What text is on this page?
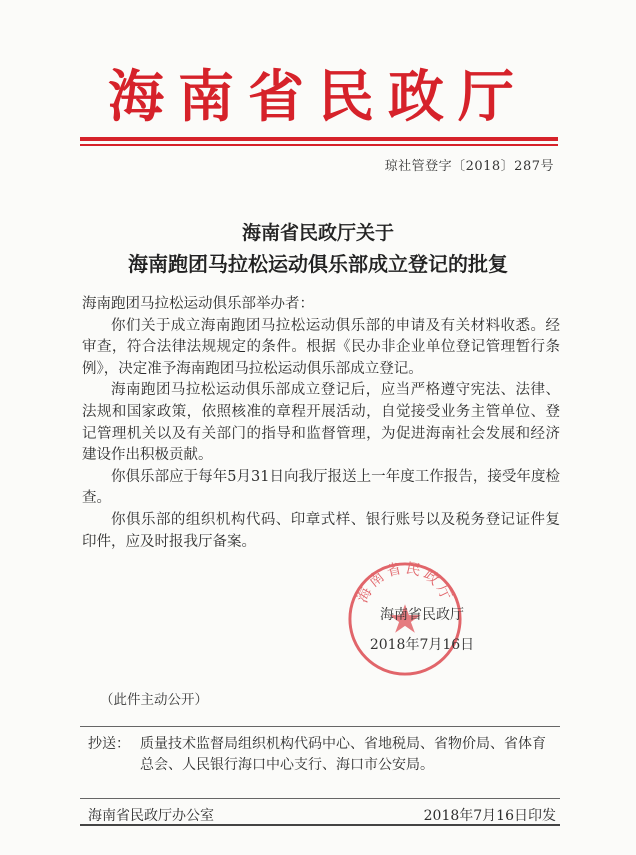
海南省民政厅
琼社管登字〔2018〕287号
海南省民政厅关于
海南跑团马拉松运动俱乐部成立登记的批复

海南跑团马拉松运动俱乐部举办者：

你们关于成立海南跑团马拉松运动俱乐部的申请及有关材料收悉。经审查，符合法律法规规定的条件。根据《民办非企业单位登记管理暂行条例》，决定准予海南跑团马拉松运动俱乐部成立登记。

海南跑团马拉松运动俱乐部成立登记后，应当严格遵守宪法、法律、法规和国家政策，依照核准的章程开展活动，自觉接受业务主管单位、登记管理机关以及有关部门的指导和监督管理，为促进海南社会发展和经济建设作出积极贡献。

你俱乐部应于每年5月31日向我厅报送上一年度工作报告，接受年度检查。

你俱乐部的组织机构代码、印章式样、银行账号以及税务登记证件复印件，应及时报我厅备案。

海南省民政厅
海南省民政厅
2018年7月16日
（此件主动公开）
抄送： 质量技术监督局组织机构代码中心、省地税局、省物价局、省体育总会、人民银行海口中心支行、海口市公安局。
海南省民政厅办公室	2018年7月16日印发
